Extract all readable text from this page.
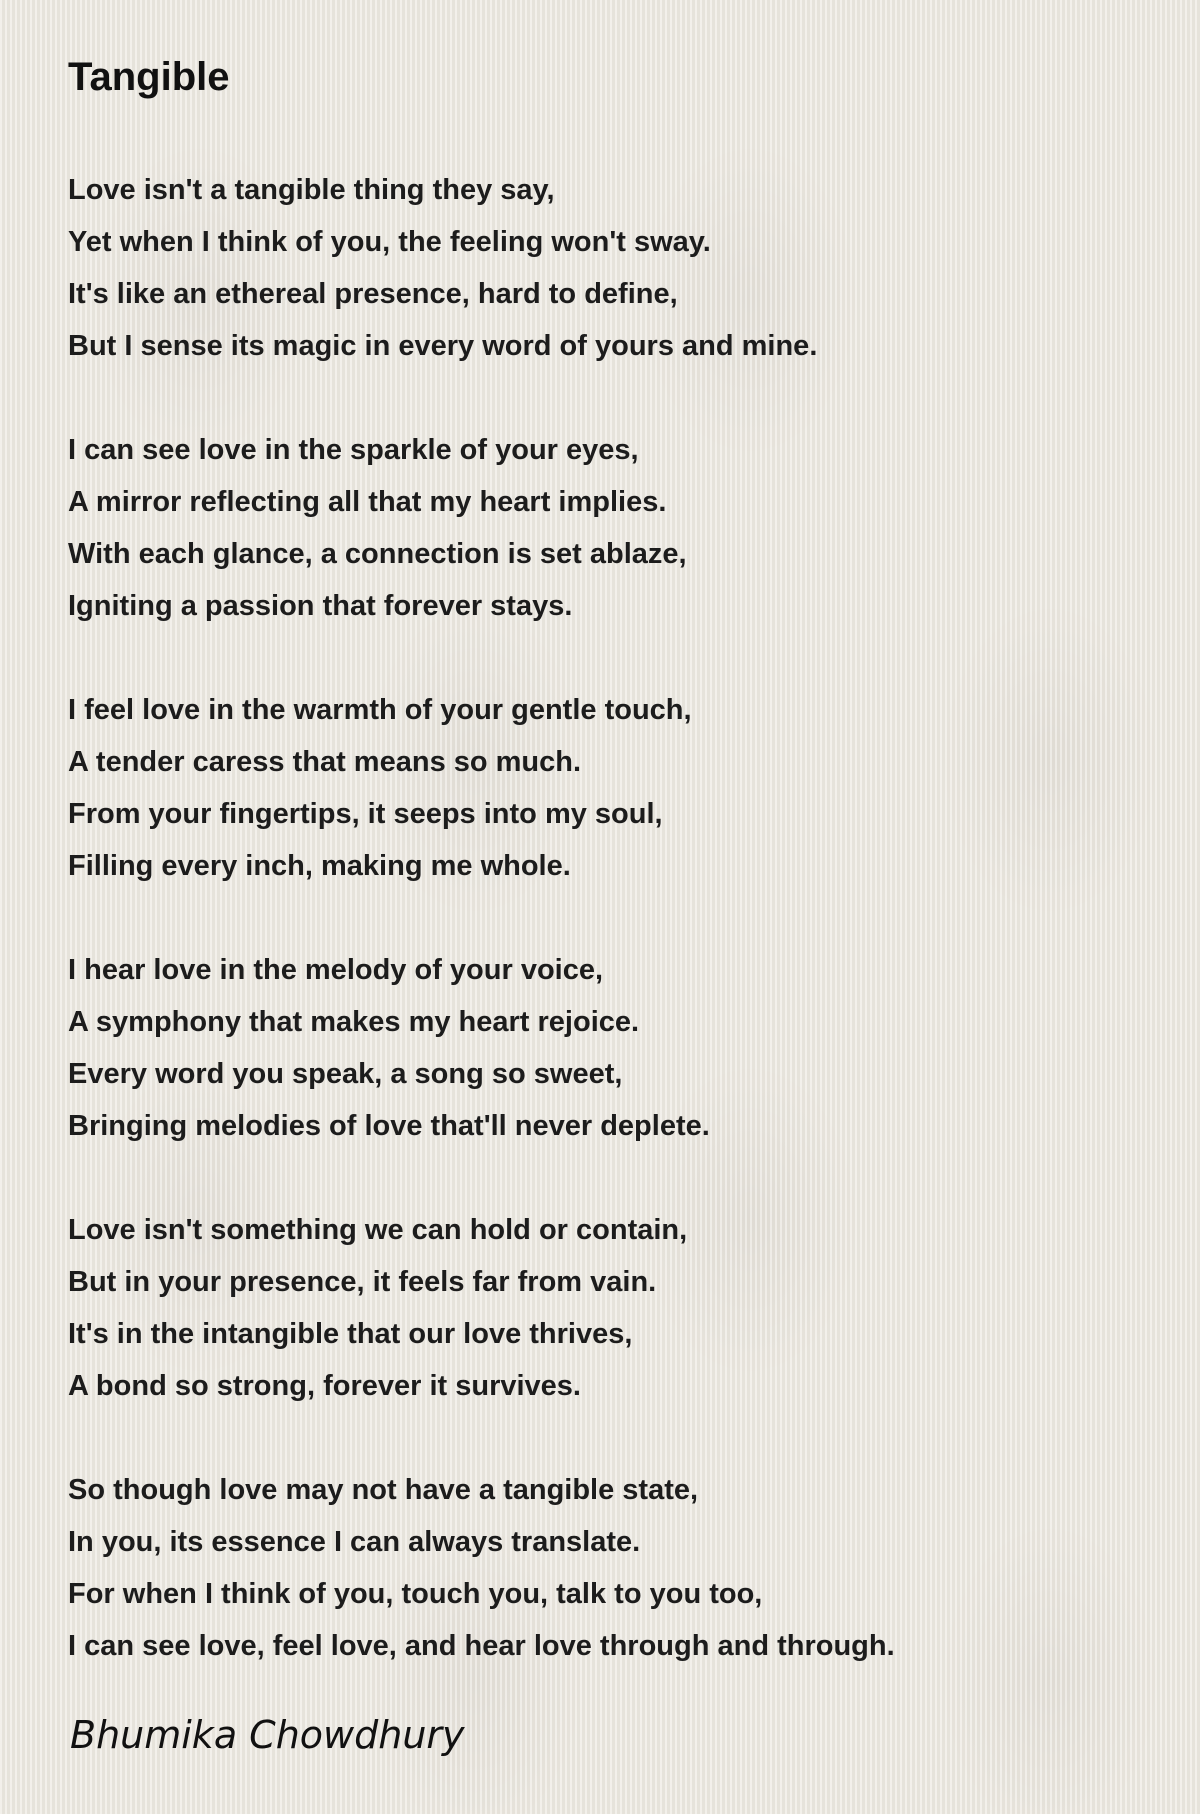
Tangible
Love isn't a tangible thing they say,
Yet when I think of you, the feeling won't sway.
It's like an ethereal presence, hard to define,
But I sense its magic in every word of yours and mine.
I can see love in the sparkle of your eyes,
A mirror reflecting all that my heart implies.
With each glance, a connection is set ablaze,
Igniting a passion that forever stays.
I feel love in the warmth of your gentle touch,
A tender caress that means so much.
From your fingertips, it seeps into my soul,
Filling every inch, making me whole.
I hear love in the melody of your voice,
A symphony that makes my heart rejoice.
Every word you speak, a song so sweet,
Bringing melodies of love that'll never deplete.
Love isn't something we can hold or contain,
But in your presence, it feels far from vain.
It's in the intangible that our love thrives,
A bond so strong, forever it survives.
So though love may not have a tangible state,
In you, its essence I can always translate.
For when I think of you, touch you, talk to you too,
I can see love, feel love, and hear love through and through.
Bhumika Chowdhury
